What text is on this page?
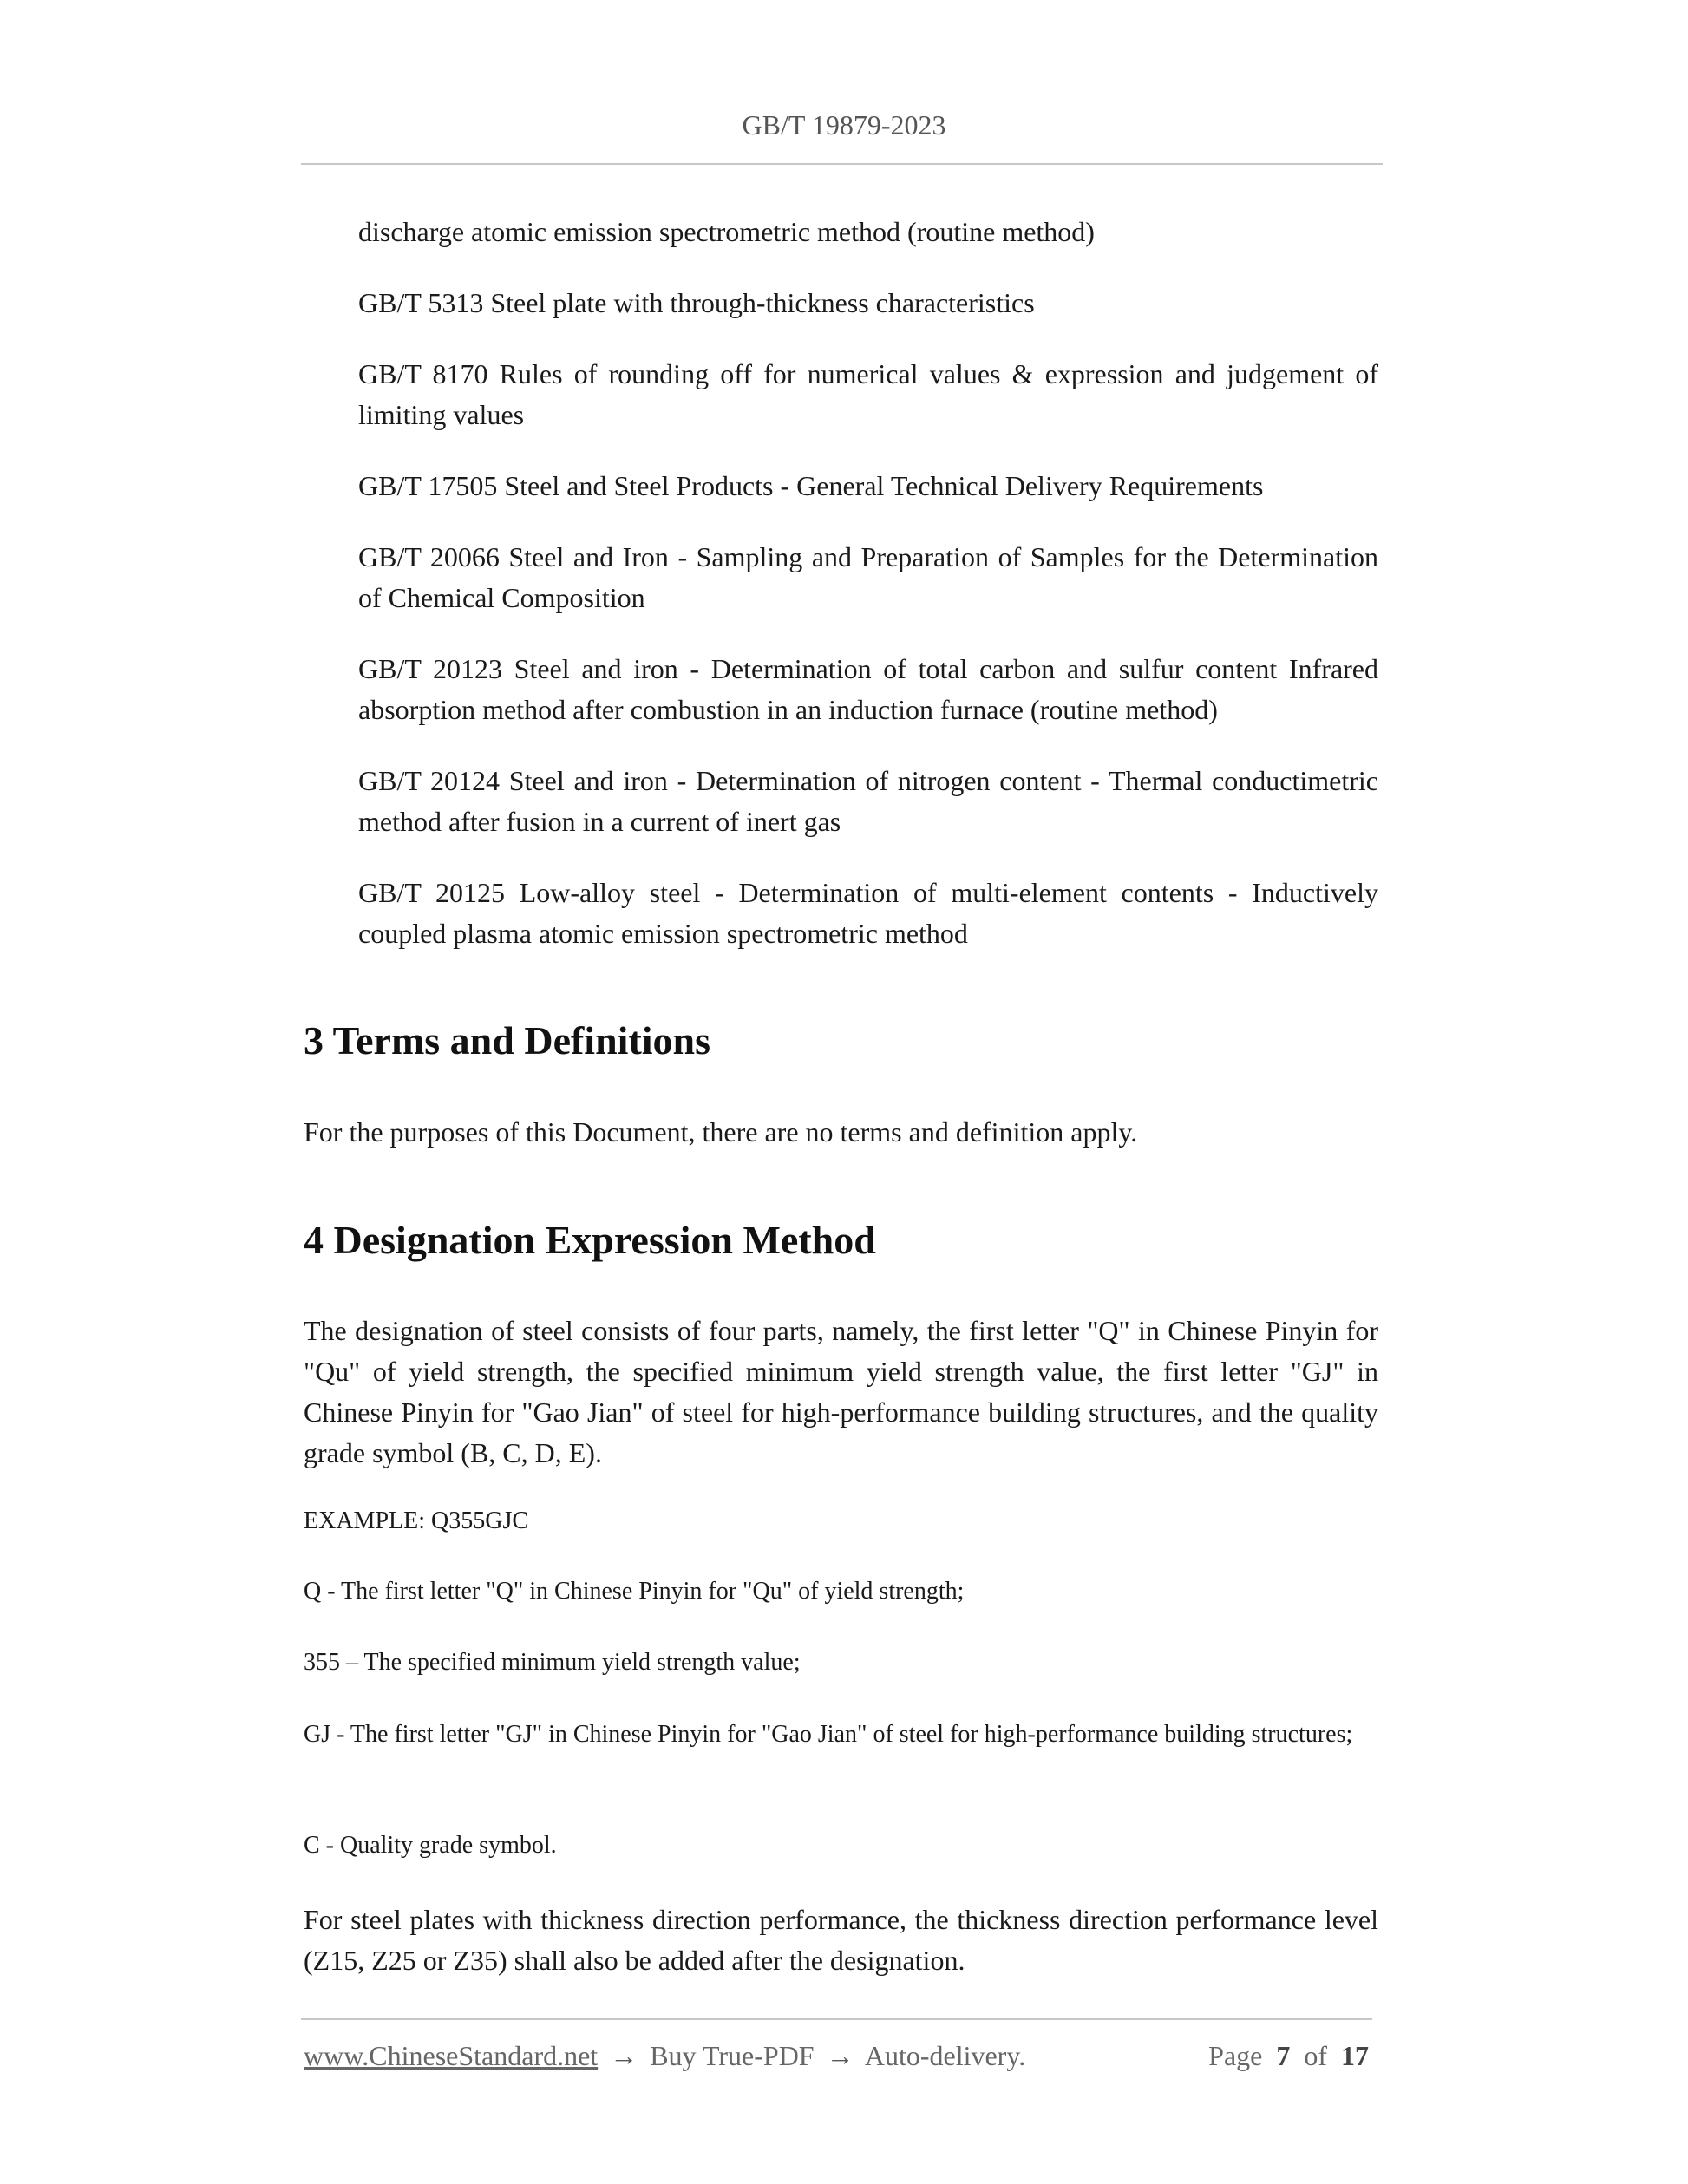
GB/T 19879-2023

discharge atomic emission spectrometric method (routine method)

GB/T 5313 Steel plate with through-thickness characteristics

GB/T 8170 Rules of rounding off for numerical values & expression and judgement of limiting values

GB/T 17505 Steel and Steel Products - General Technical Delivery Requirements

GB/T 20066 Steel and Iron - Sampling and Preparation of Samples for the Determination of Chemical Composition

GB/T 20123 Steel and iron - Determination of total carbon and sulfur content Infrared absorption method after combustion in an induction furnace (routine method)

GB/T 20124 Steel and iron - Determination of nitrogen content - Thermal conductimetric method after fusion in a current of inert gas

GB/T 20125 Low-alloy steel - Determination of multi-element contents - Inductively coupled plasma atomic emission spectrometric method

3 Terms and Definitions

For the purposes of this Document, there are no terms and definition apply.

4 Designation Expression Method

The designation of steel consists of four parts, namely, the first letter "Q" in Chinese Pinyin for "Qu" of yield strength, the specified minimum yield strength value, the first letter "GJ" in Chinese Pinyin for "Gao Jian" of steel for high-performance building structures, and the quality grade symbol (B, C, D, E).

EXAMPLE: Q355GJC

Q - The first letter "Q" in Chinese Pinyin for "Qu" of yield strength;

355 – The specified minimum yield strength value;

GJ - The first letter "GJ" in Chinese Pinyin for "Gao Jian" of steel for high-performance building structures;

C - Quality grade symbol.

For steel plates with thickness direction performance, the thickness direction performance level (Z15, Z25 or Z35) shall also be added after the designation.

www.ChineseStandard.net → Buy True-PDF → Auto-delivery.	Page 7 of 17
